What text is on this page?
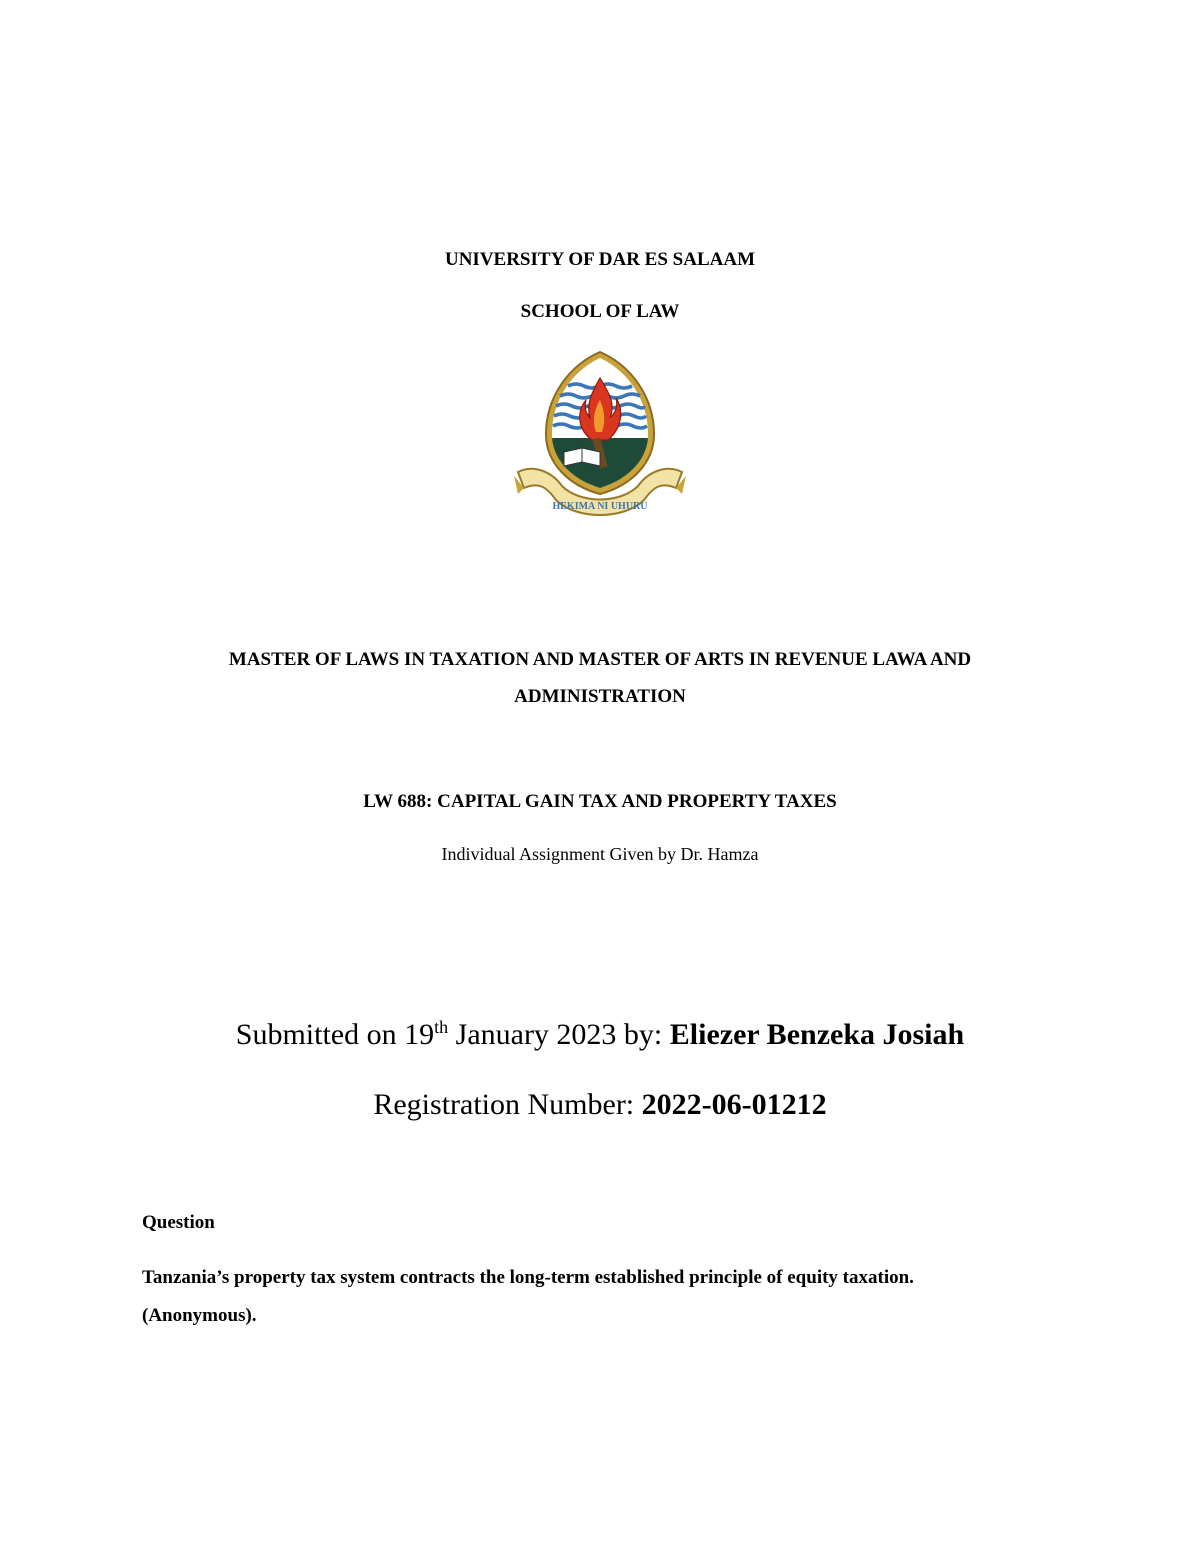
UNIVERSITY OF DAR ES SALAAM
SCHOOL OF LAW
HEKIMA NI UHURU
MASTER OF LAWS IN TAXATION AND MASTER OF ARTS IN REVENUE LAWA AND
ADMINISTRATION
LW 688: CAPITAL GAIN TAX AND PROPERTY TAXES
Individual Assignment Given by Dr. Hamza
Submitted on 19th January 2023 by: Eliezer Benzeka Josiah
Registration Number: 2022-06-01212
Question
Tanzania’s property tax system contracts the long-term established principle of equity taxation.
(Anonymous).
